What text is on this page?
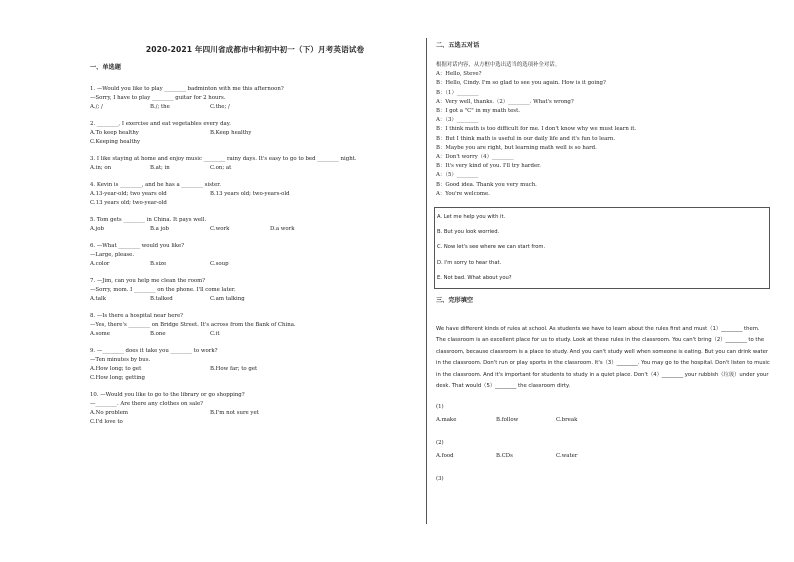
2020-2021 年四川省成都市中和初中初一（下）月考英语试卷
一、单选题
1. —Would you like to play ________ badminton with me this afternoon?
—Sorry, I have to play ________ guitar for 2 hours.
A./; /	B./; the	C.the; /
2. ________, I exercise and eat vegetables every day.
A.To keep healthy	B.Keep healthy
C.Keeping healthy
3. I like staying at home and enjoy music ________ rainy days. It's easy to go to bed ________ night.
A.in; on	B.at; in	C.on; at
4. Kevin is ________, and he has a ________ sister.
A.13-year-old; two years old	B.13 years old; two-years-old
C.13 years old; two-year-old
5. Tom gets ________ in China. It pays well.
A.job	B.a job	C.work	D.a work
6. —What ________ would you like?
—Large, please.
A.color	B.size	C.soup
7. —Jim, can you help me clean the room?
—Sorry, mom. I ________ on the phone. I'll come later.
A.talk	B.talked	C.am talking
8. —Is there a hospital near here?
—Yes, there's ________ on Bridge Street. It's across from the Bank of China.
A.some	B.one	C.it
9. —________ does it take you ________ to work?
—Ten minutes by bus.
A.How long; to get	B.How far; to get
C.How long; getting
10. —Would you like to go to the library or go shopping?
—________. Are there any clothes on sale?
A.No problem	B.I'm not sure yet
C.I'd love to
二、五选五对话
根据对话内容，从方框中选出适当的选项补全对话。
A：Hello, Steve?
B：Hello, Cindy. I'm so glad to see you again. How is it going?
B：（1）________
A：Very well, thanks.（2）________. What's wrong?
B：I got a "C" in my math test.
A：（3）________
B：I think math is too difficult for me. I don't know why we must learn it.
B：But I think math is useful in our daily life and it's fun to learn.
B：Maybe you are right, but learning math well is so hard.
A：Don't worry（4）________
B：It's very kind of you. I'll try harder.
A：（5）________
B：Good idea. Thank you very much.
A：You're welcome.
A. Let me help you with it.
B. But you look worried.
C. Now let's see where we can start from.
D. I'm sorry to hear that.
E. Not bad. What about you?
三、完形填空
We have different kinds of rules at school. As students we have to learn about the rules first and must（1）________ them. The classroom is an excellent place for us to study. Look at these rules in the classroom. You can't bring（2）________ to the classroom, because classroom is a place to study. And you can't study well when someone is eating. But you can drink water in the classroom. Don't run or play sports in the classroom. It's（3）________. You may go to the hospital. Don't listen to music in the classroom. And it's important for students to study in a quiet place. Don't（4）________ your rubbish（垃圾）under your desk. That would（5）________ the classroom dirty.
(1)
A.make	B.follow	C.break
(2)
A.food	B.CDs	C.water
(3)
